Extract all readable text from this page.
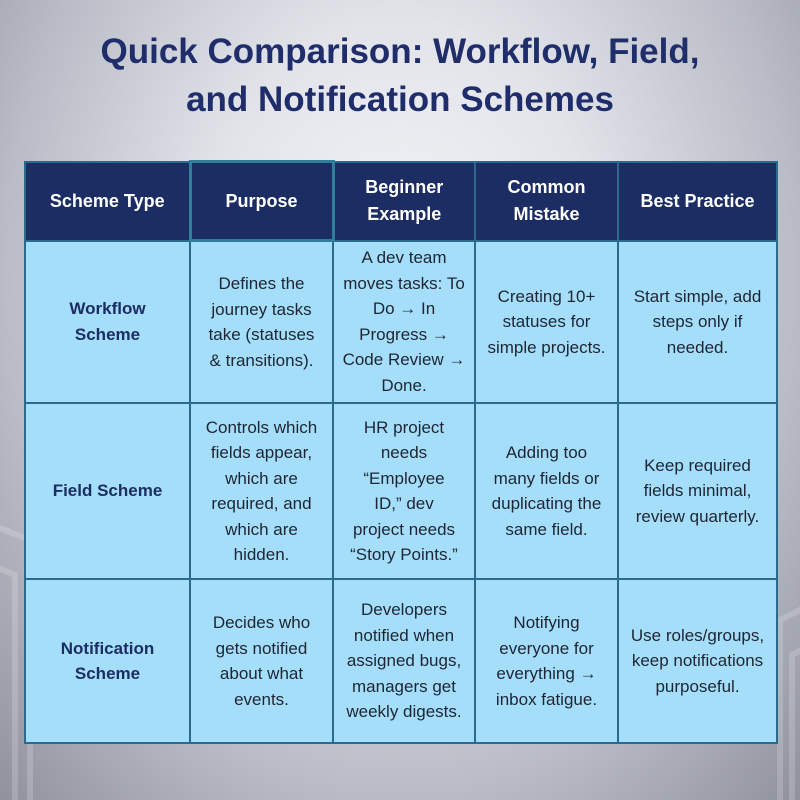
Quick Comparison: Workflow, Field,
and Notification Schemes
Scheme Type	Purpose	Beginner Example	Common Mistake	Best Practice
Workflow Scheme	Defines the journey tasks take (statuses & transitions).	A dev team moves tasks: To Do → In Progress → Code Review → Done.	Creating 10+ statuses for simple projects.	Start simple, add steps only if needed.
Field Scheme	Controls which fields appear, which are required, and which are hidden.	HR project needs “Employee ID,” dev project needs “Story Points.”	Adding too many fields or duplicating the same field.	Keep required fields minimal, review quarterly.
Notification Scheme	Decides who gets notified about what events.	Developers notified when assigned bugs, managers get weekly digests.	Notifying everyone for everything → inbox fatigue.	Use roles/groups, keep notifications purposeful.
